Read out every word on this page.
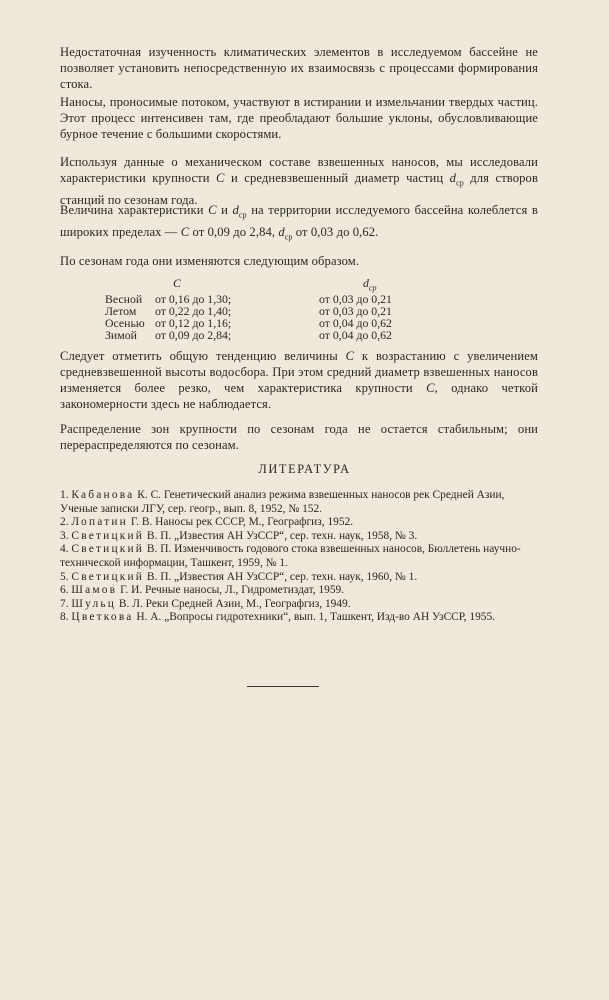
Недостаточная изученность климатических элементов в исследуемом бассейне не позволяет установить непосредственную их взаимосвязь с процессами формирования стока.

Наносы, проносимые потоком, участвуют в истирании и измельчании твердых частиц. Этот процесс интенсивен там, где преобладают большие уклоны, обусловливающие бурное течение с большими скоростями.

Используя данные о механическом составе взвешенных наносов, мы исследовали характеристики крупности C и средневзвешенный диаметр частиц $d_{ср}$ для створов станций по сезонам года.

Величина характеристики C и $d_{ср}$ на территории исследуемого бассейна колеблется в широких пределах — C от 0,09 до 2,84, $d_{ср}$ от 0,03 до 0,62.

По сезонам года они изменяются следующим образом.

C	$d_{ср}$
Весной от 0,16 до 1,30;	от 0,03 до 0,21
Летом от 0,22 до 1,40;	от 0,03 до 0,21
Осенью от 0,12 до 1,16;	от 0,04 до 0,62
Зимой от 0,09 до 2,84;	от 0,04 до 0,62

Следует отметить общую тенденцию величины C к возрастанию с увеличением средневзвешенной высоты водосбора. При этом средний диаметр взвешенных наносов изменяется более резко, чем характеристика крупности C, однако четкой закономерности здесь не наблюдается.

Распределение зон крупности по сезонам года не остается стабильным; они перераспределяются по сезонам.

ЛИТЕРАТУРА
1. Кабанова К. С. Генетический анализ режима взвешенных наносов рек Средней Азии, Ученые записки ЛГУ, сер. геогр., вып. 8, 1952, № 152.
2. Лопатин Г. В. Наносы рек СССР, М., Географгиз, 1952.
3. Светицкий В. П. „Известия АН УзССР“, сер. техн. наук, 1958, № 3.
4. Светицкий В. П. Изменчивость годового стока взвешенных наносов, Бюллетень научно-технической информации, Ташкент, 1959, № 1.
5. Светицкий В. П. „Известия АН УзССР“, сер. техн. наук, 1960, № 1.
6. Шамов Г. И. Речные наносы, Л., Гидрометиздат, 1959.
7. Шульц В. Л. Реки Средней Азии, М., Географгиз, 1949.
8. Цветкова Н. А. „Вопросы гидротехники“, вып. 1, Ташкент, Изд-во АН УзССР, 1955.
